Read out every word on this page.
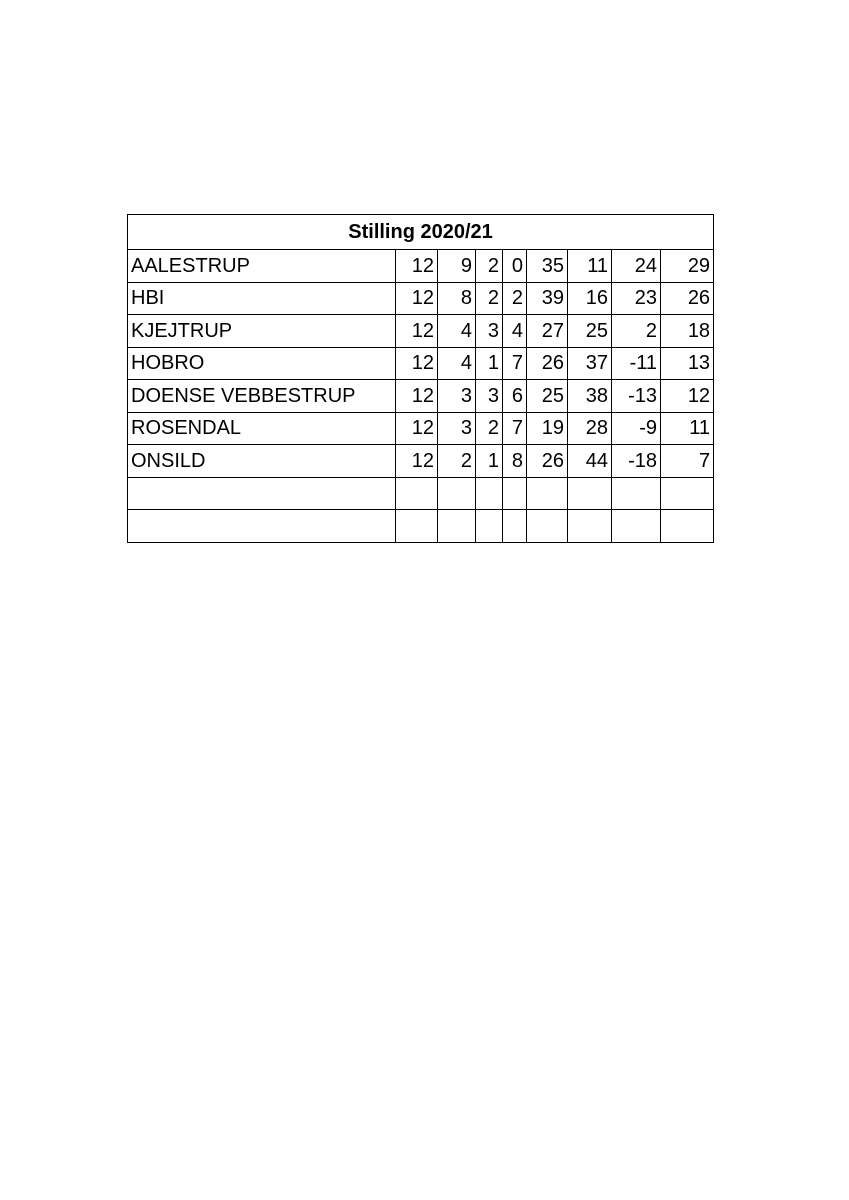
Stilling 2020/21								
AALESTRUP	12	9	2	0	35	11	24	29
HBI	12	8	2	2	39	16	23	26
KJEJTRUP	12	4	3	4	27	25	2	18
HOBRO	12	4	1	7	26	37	-11	13
DOENSE VEBBESTRUP	12	3	3	6	25	38	-13	12
ROSENDAL	12	3	2	7	19	28	-9	11
ONSILD	12	2	1	8	26	44	-18	7
